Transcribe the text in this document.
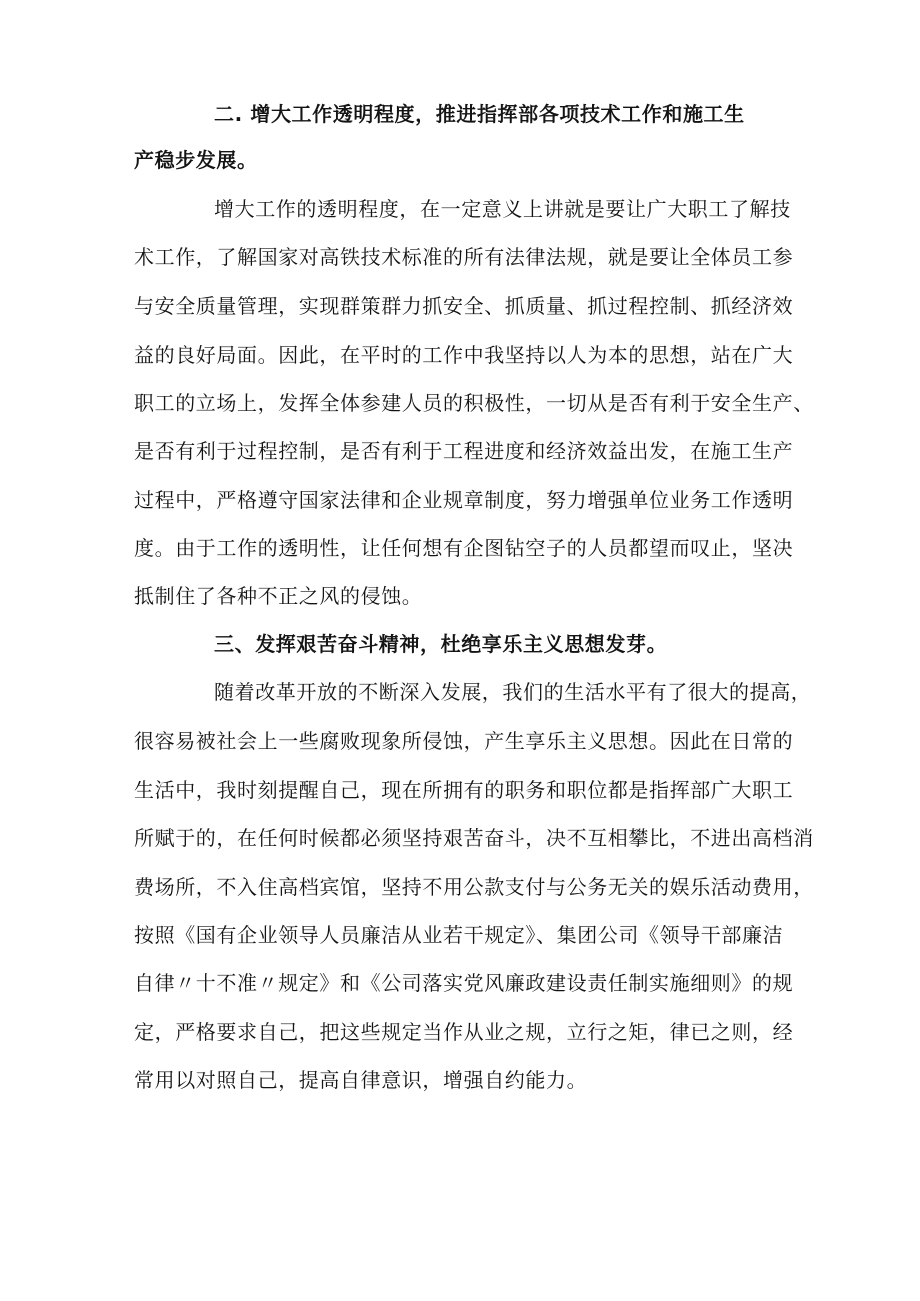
二. 增大工作透明程度，推进指挥部各项技术工作和施工生
产稳步发展。
增大工作的透明程度，在一定意义上讲就是要让广大职工了解技
术工作，了解国家对高铁技术标准的所有法律法规，就是要让全体员工参
与安全质量管理，实现群策群力抓安全、抓质量、抓过程控制、抓经济效
益的良好局面。因此，在平时的工作中我坚持以人为本的思想，站在广大
职工的立场上，发挥全体参建人员的积极性，一切从是否有利于安全生产、
是否有利于过程控制，是否有利于工程进度和经济效益出发，在施工生产
过程中，严格遵守国家法律和企业规章制度，努力增强单位业务工作透明
度。由于工作的透明性，让任何想有企图钻空子的人员都望而叹止，坚决
抵制住了各种不正之风的侵蚀。
三、发挥艰苦奋斗精神，杜绝享乐主义思想发芽。
随着改革开放的不断深入发展，我们的生活水平有了很大的提高，
很容易被社会上一些腐败现象所侵蚀，产生享乐主义思想。因此在日常的
生活中，我时刻提醒自己，现在所拥有的职务和职位都是指挥部广大职工
所赋于的，在任何时候都必须坚持艰苦奋斗，决不互相攀比，不进出高档消
费场所，不入住高档宾馆，坚持不用公款支付与公务无关的娱乐活动费用，
按照《国有企业领导人员廉洁从业若干规定》、集团公司《领导干部廉洁
自律〃十不准〃规定》和《公司落实党风廉政建设责任制实施细则》的规
定，严格要求自己，把这些规定当作从业之规，立行之矩，律已之则，经
常用以对照自己，提高自律意识，增强自约能力。
